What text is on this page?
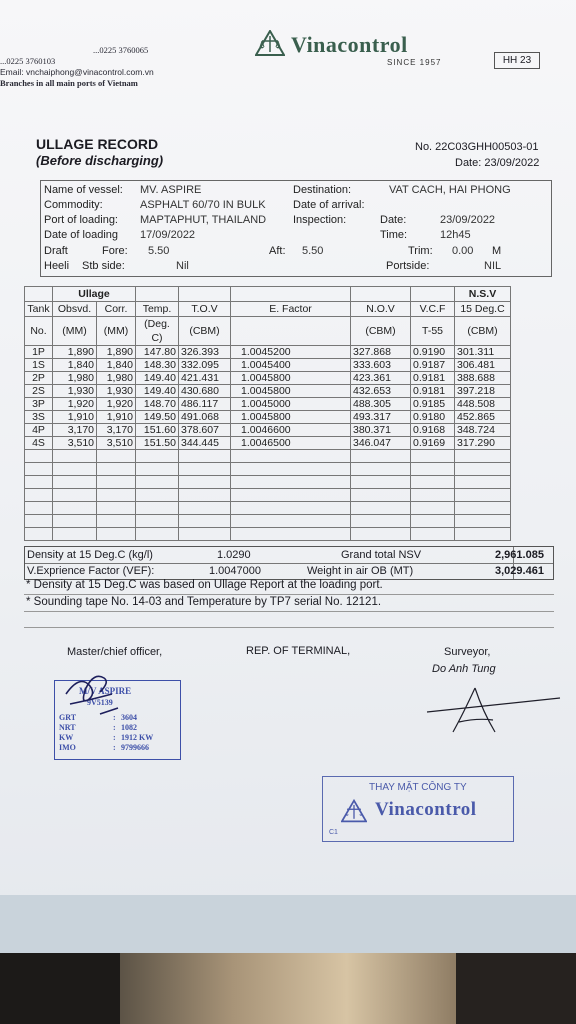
...0225 3760065
...0225 3760103
Email: vnchaiphong@vinacontrol.com.vn
Branches in all main ports of Vietnam
Vinacontrol
SINCE 1957	HH 23
ULLAGE RECORD
(Before discharging)
No. 22C03GHH00503-01
Date: 23/09/2022
Name of vessel: MV. ASPIRE
Commodity:	ASPHALT 60/70 IN BULK
Port of loading: MAPTAPHUT, THAILAND
Date of loading 17/09/2022
Draft	Fore: 5.50	Aft: 5.50
Heeli Stb side:	Nil
Destination:	VAT CACH, HAI PHONG
Date of arrival:
Inspection:	Date:	23/09/2022
Time:	12h45
Trim: 0.00 M
Portside:	NIL
	Ullage							N.S.V
Tank	Obsvd.	Corr.	Temp.	T.O.V	E. Factor	N.O.V	V.C.F	15 Deg.C
No.	(MM)	(MM)	(Deg. C)	(CBM)		(CBM)	T-55	(CBM)
1P	1,890	1,890	147.80	326.393	1.0045200	327.868	0.9190	301.311
1S	1,840	1,840	148.30	332.095	1.0045400	333.603	0.9187	306.481
2P	1,980	1,980	149.40	421.431	1.0045800	423.361	0.9181	388.688
2S	1,930	1,930	149.40	430.680	1.0045800	432.653	0.9181	397.218
3P	1,920	1,920	148.70	486.117	1.0045000	488.305	0.9185	448.508
3S	1,910	1,910	149.50	491.068	1.0045800	493.317	0.9180	452.865
4P	3,170	3,170	151.60	378.607	1.0046600	380.371	0.9168	348.724
4S	3,510	3,510	151.50	344.445	1.0046500	346.047	0.9169	317.290

Density at 15 Deg.C (kg/l)	1.0290	Grand total NSV	2,961.085
V.Exprience Factor (VEF):	1.0047000	Weight in air OB (MT)	3,029.461
* Density at 15 Deg.C was based on Ullage Report at the loading port.
* Sounding tape No. 14-03 and Temperature by TP7 serial No. 12121.
Master/chief officer,	REP. OF TERMINAL,	Surveyor,
Do Anh Tung
M/V ASPIRE
9V5139
GRT	: 3604
NRT	: 1082
KW	: 1912 KW
IMO	: 9799666
THAY MẶT CÔNG TY
Vinacontrol
C1
